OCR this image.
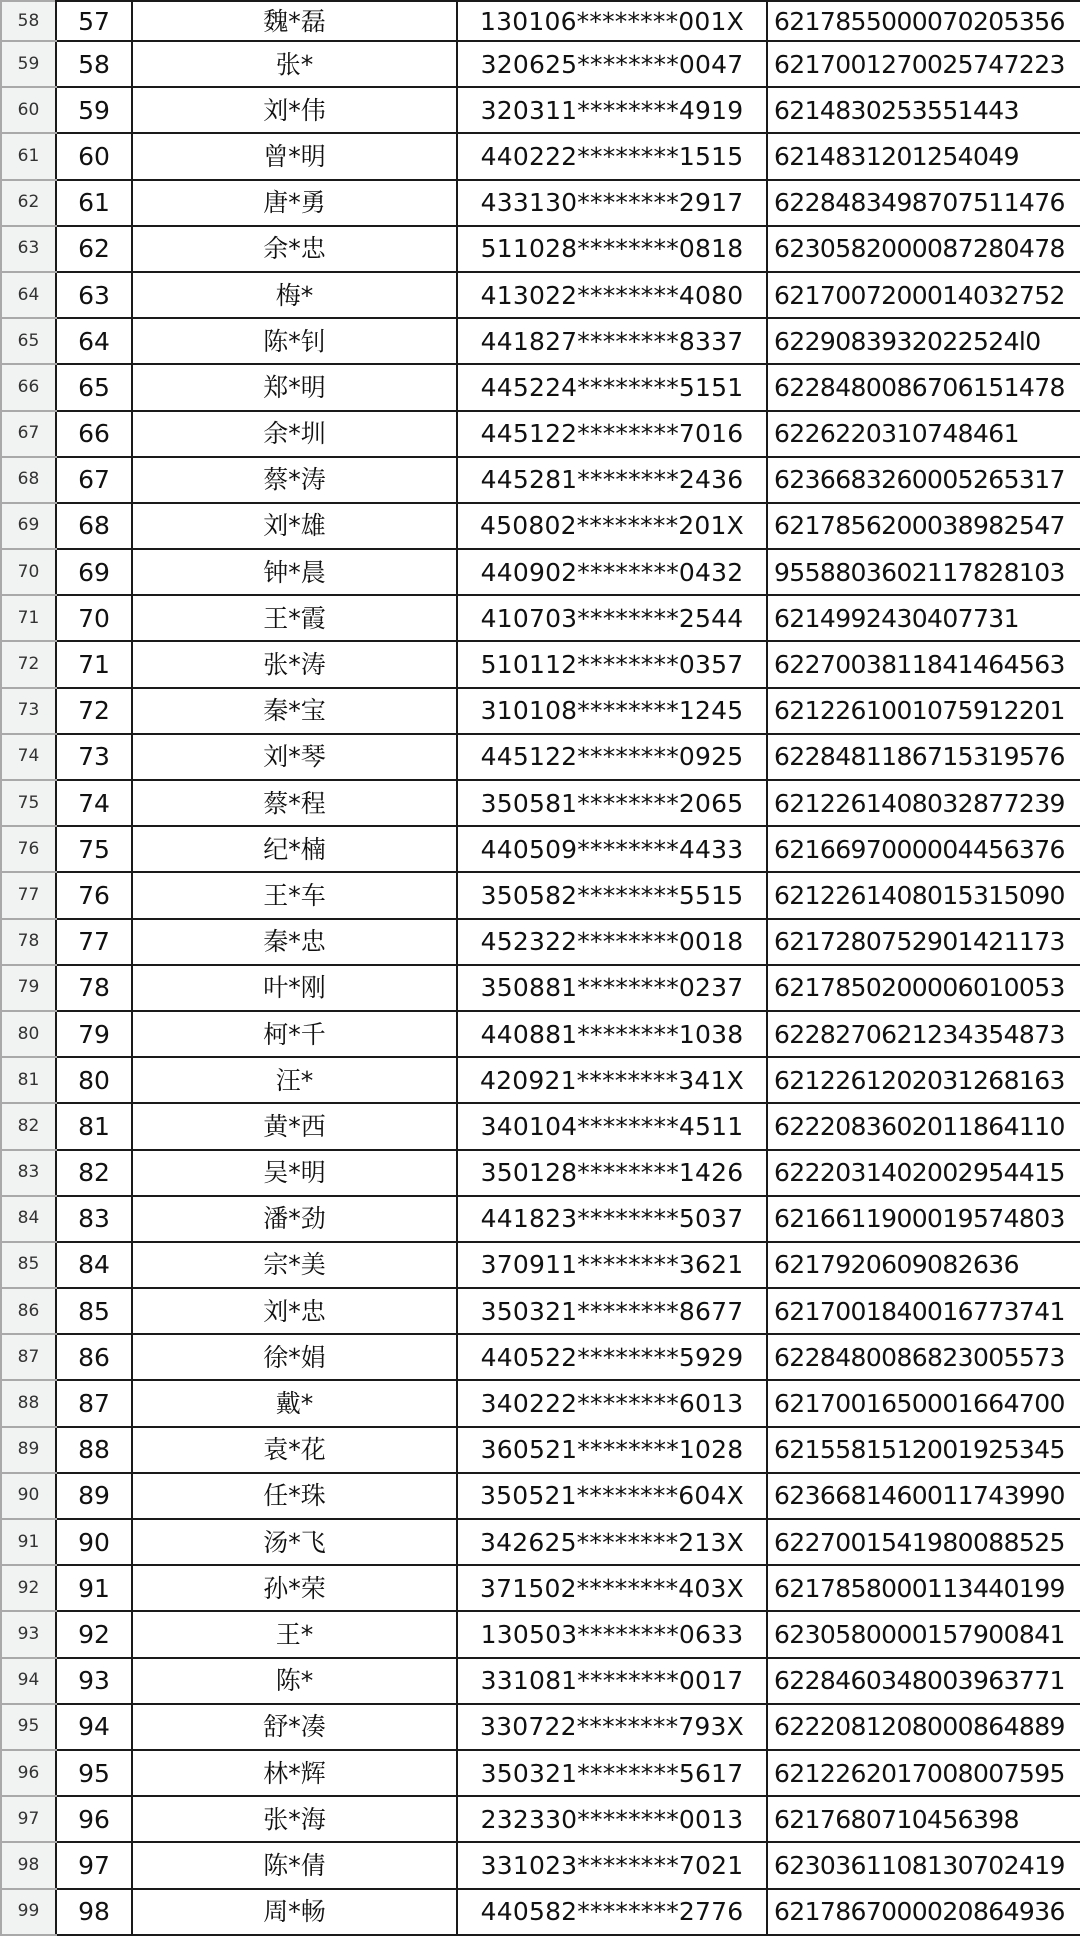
58	57	魏*磊	130106********001X	6217855000070205356
59	58	张*	320625********0047	6217001270025747223
60	59	刘*伟	320311********4919	6214830253551443
61	60	曾*明	440222********1515	6214831201254049
62	61	唐*勇	433130********2917	6228483498707511476
63	62	余*忠	511028********0818	6230582000087280478
64	63	梅*	413022********4080	6217007200014032752
65	64	陈*钊	441827********8337	6229083932022524l0
66	65	郑*明	445224********5151	6228480086706151478
67	66	余*圳	445122********7016	6226220310748461
68	67	蔡*涛	445281********2436	6236683260005265317
69	68	刘*雄	450802********201X	6217856200038982547
70	69	钟*晨	440902********0432	9558803602117828103
71	70	王*霞	410703********2544	6214992430407731
72	71	张*涛	510112********0357	6227003811841464563
73	72	秦*宝	310108********1245	6212261001075912201
74	73	刘*琴	445122********0925	6228481186715319576
75	74	蔡*程	350581********2065	6212261408032877239
76	75	纪*楠	440509********4433	6216697000004456376
77	76	王*车	350582********5515	6212261408015315090
78	77	秦*忠	452322********0018	6217280752901421173
79	78	叶*刚	350881********0237	6217850200006010053
80	79	柯*千	440881********1038	6228270621234354873
81	80	汪*	420921********341X	6212261202031268163
82	81	黄*西	340104********4511	6222083602011864110
83	82	吴*明	350128********1426	6222031402002954415
84	83	潘*劲	441823********5037	6216611900019574803
85	84	宗*美	370911********3621	6217920609082636
86	85	刘*忠	350321********8677	6217001840016773741
87	86	徐*娟	440522********5929	6228480086823005573
88	87	戴*	340222********6013	6217001650001664700
89	88	袁*花	360521********1028	6215581512001925345
90	89	任*珠	350521********604X	6236681460011743990
91	90	汤*飞	342625********213X	6227001541980088525
92	91	孙*荣	371502********403X	6217858000113440199
93	92	王*	130503********0633	6230580000157900841
94	93	陈*	331081********0017	6228460348003963771
95	94	舒*凑	330722********793X	6222081208000864889
96	95	林*辉	350321********5617	6212262017008007595
97	96	张*海	232330********0013	6217680710456398
98	97	陈*倩	331023********7021	6230361108130702419
99	98	周*畅	440582********2776	6217867000020864936
